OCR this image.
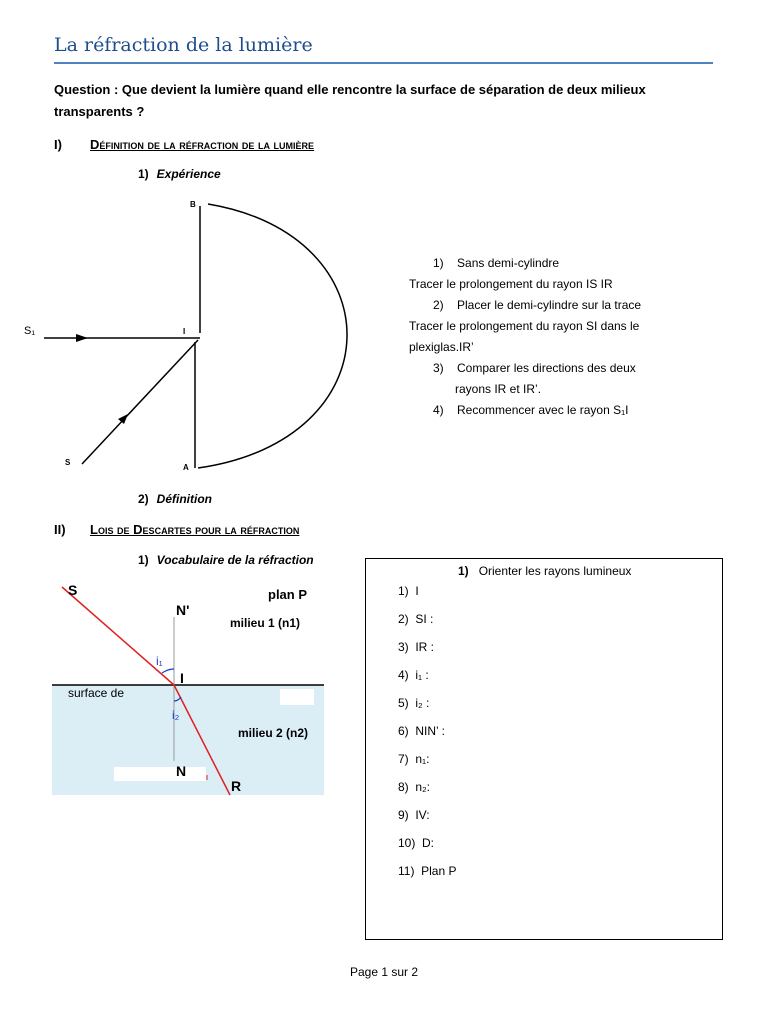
La réfraction de la lumière
Question : Que devient la lumière quand elle rencontre la surface de séparation de deux milieux transparents ?
I) Définition de la réfraction de la lumière
1) Expérience
B
S₁	I
S
A
1) Sans demi-cylindre
Tracer le prolongement du rayon IS IR
2) Placer le demi-cylindre sur la trace
Tracer le prolongement du rayon SI dans le
plexiglas.IR’
3) Comparer les directions des deux
rayons IR et IR’.
4) Recommencer avec le rayon S₁I
2) Définition
II) Lois de Descartes pour la réfraction
1) Vocabulaire de la réfraction
S
N'
plan P
milieu 1 (n1)
i₁
I
surface de
i₂
milieu 2 (n2)
N
R
1) Orienter les rayons lumineux
1) I
2) SI :
3) IR :
4) i₁ :
5) i₂ :
6) NIN’ :
7) n₁:
8) n₂:
9) IV:
10) D:
11) Plan P
Page 1 sur 2
